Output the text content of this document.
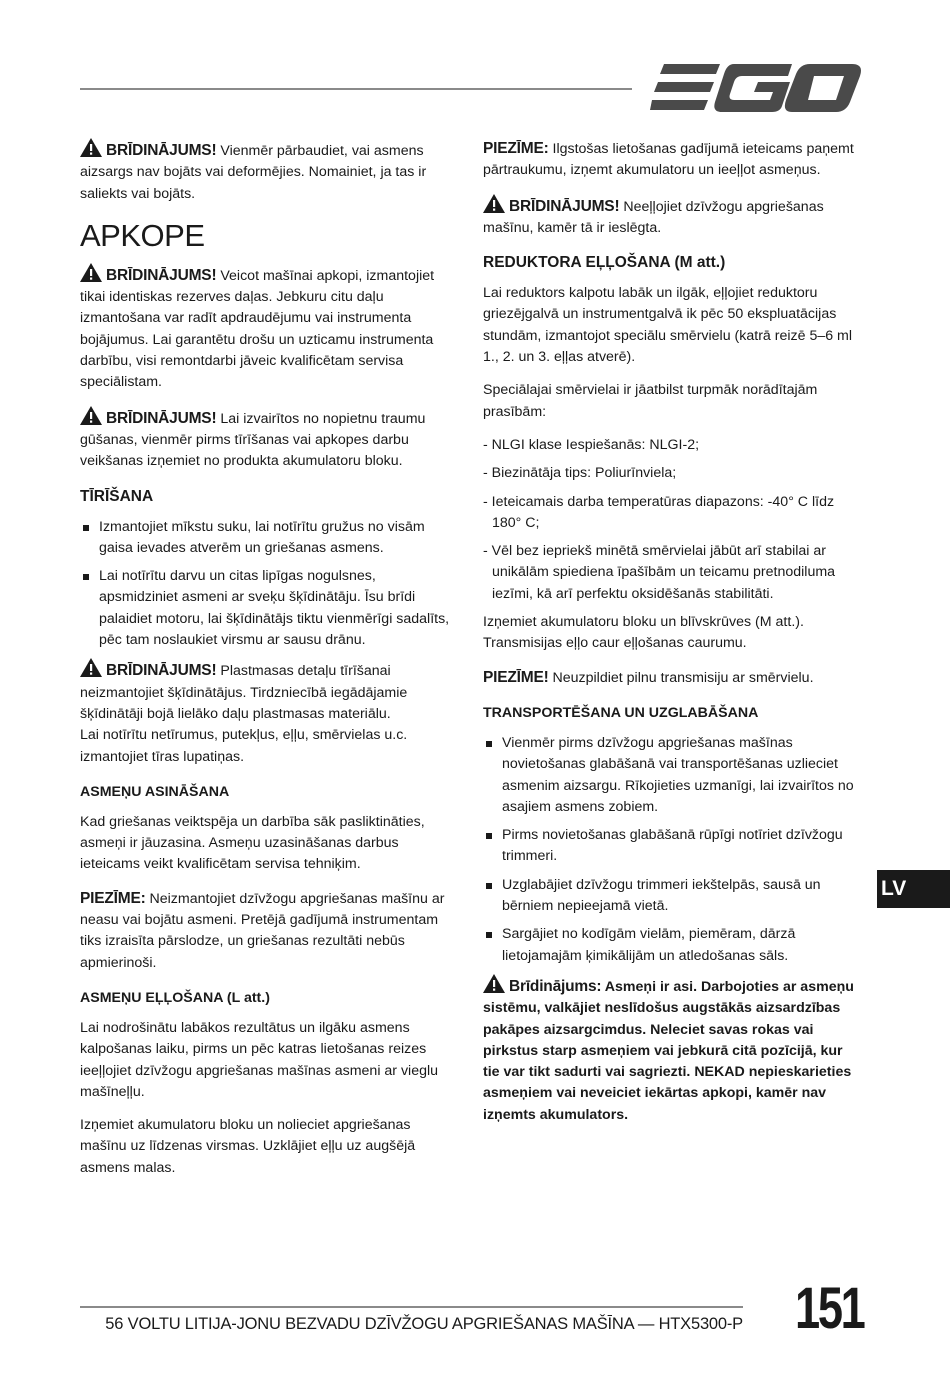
BRĪDINĀJUMS! Vienmēr pārbaudiet, vai asmens aizsargs nav bojāts vai deformējies. Nomainiet, ja tas ir saliekts vai bojāts.

APKOPE

BRĪDINĀJUMS! Veicot mašīnai apkopi, izmantojiet tikai identiskas rezerves daļas. Jebkuru citu daļu izmantošana var radīt apdraudējumu vai instrumenta bojājumus. Lai garantētu drošu un uzticamu instrumenta darbību, visi remontdarbi jāveic kvalificētam servisa speciālistam.

BRĪDINĀJUMS! Lai izvairītos no nopietnu traumu gūšanas, vienmēr pirms tīrīšanas vai apkopes darbu veikšanas izņemiet no produkta akumulatoru bloku.

TĪRĪŠANA
Izmantojiet mīkstu suku, lai notīrītu gružus no visām gaisa ievades atverēm un griešanas asmens.
Lai notīrītu darvu un citas lipīgas nogulsnes, apsmidziniet asmeni ar sveķu šķīdinātāju. Īsu brīdi palaidiet motoru, lai šķīdinātājs tiktu vienmērīgi sadalīts, pēc tam noslaukiet virsmu ar sausu drānu.

BRĪDINĀJUMS! Plastmasas detaļu tīrīšanai neizmantojiet šķīdinātājus. Tirdzniecībā iegādājamie šķīdinātāji bojā lielāko daļu plastmasas materiālu.
Lai notīrītu netīrumus, putekļus, eļļu, smērvielas u.c. izmantojiet tīras lupatiņas.

ASMEŅU ASINĀŠANA

Kad griešanas veiktspēja un darbība sāk pasliktināties, asmeņi ir jāuzasina. Asmeņu uzasināšanas darbus ieteicams veikt kvalificētam servisa tehniķim.

PIEZĪME: Neizmantojiet dzīvžogu apgriešanas mašīnu ar neasu vai bojātu asmeni. Pretējā gadījumā instrumentam tiks izraisīta pārslodze, un griešanas rezultāti nebūs apmierinoši.

ASMEŅU EĻĻOŠANA (L att.)

Lai nodrošinātu labākos rezultātus un ilgāku asmens kalpošanas laiku, pirms un pēc katras lietošanas reizes ieeļļojiet dzīvžogu apgriešanas mašīnas asmeni ar vieglu mašīneļļu.

Izņemiet akumulatoru bloku un nolieciet apgriešanas mašīnu uz līdzenas virsmas. Uzklājiet eļļu uz augšējā asmens malas.

PIEZĪME: Ilgstošas lietošanas gadījumā ieteicams paņemt pārtraukumu, izņemt akumulatoru un ieeļļot asmeņus.

BRĪDINĀJUMS! Neeļļojiet dzīvžogu apgriešanas mašīnu, kamēr tā ir ieslēgta.

REDUKTORA EĻĻOŠANA (M att.)

Lai reduktors kalpotu labāk un ilgāk, eļļojiet reduktoru griezējgalvā un instrumentgalvā ik pēc 50 ekspluatācijas stundām, izmantojot speciālu smērvielu (katrā reizē 5–6 ml 1., 2. un 3. eļļas atverē).

Speciālajai smērvielai ir jāatbilst turpmāk norādītajām prasībām:

- NLGI klase Iespiešanās: NLGI-2;
- Biezinātāja tips: Poliurīnviela;
- Ieteicamais darba temperatūras diapazons: -40° C līdz 180° C;
- Vēl bez iepriekš minētā smērvielai jābūt arī stabilai ar unikālām spiediena īpašībām un teicamu pretnodiluma iezīmi, kā arī perfektu oksidēšanās stabilitāti.

Izņemiet akumulatoru bloku un blīvskrūves (M att.). Transmisijas eļļo caur eļļošanas caurumu.

PIEZĪME! Neuzpildiet pilnu transmisiju ar smērvielu.

TRANSPORTĒŠANA UN UZGLABĀŠANA
Vienmēr pirms dzīvžogu apgriešanas mašīnas novietošanas glabāšanā vai transportēšanas uzlieciet asmenim aizsargu. Rīkojieties uzmanīgi, lai izvairītos no asajiem asmens zobiem.
Pirms novietošanas glabāšanā rūpīgi notīriet dzīvžogu trimmeri.
Uzglabājiet dzīvžogu trimmeri iekštelpās, sausā un bērniem nepieejamā vietā.
Sargājiet no kodīgām vielām, piemēram, dārzā lietojamajām ķimikālijām un atledošanas sāls.

Brīdinājums: Asmeņi ir asi. Darbojoties ar asmeņu sistēmu, valkājiet neslīdošus augstākās aizsardzības pakāpes aizsargcimdus. Neleciet savas rokas vai pirkstus starp asmeņiem vai jebkurā citā pozīcijā, kur tie var tikt sadurti vai sagriezti. NEKAD nepieskarieties asmeņiem vai neveiciet iekārtas apkopi, kamēr nav izņemts akumulators.

LV
56 VOLTU LITIJA-JONU BEZVADU DZĪVŽOGU APGRIEŠANAS MAŠĪNA — HTX5300-P 151
